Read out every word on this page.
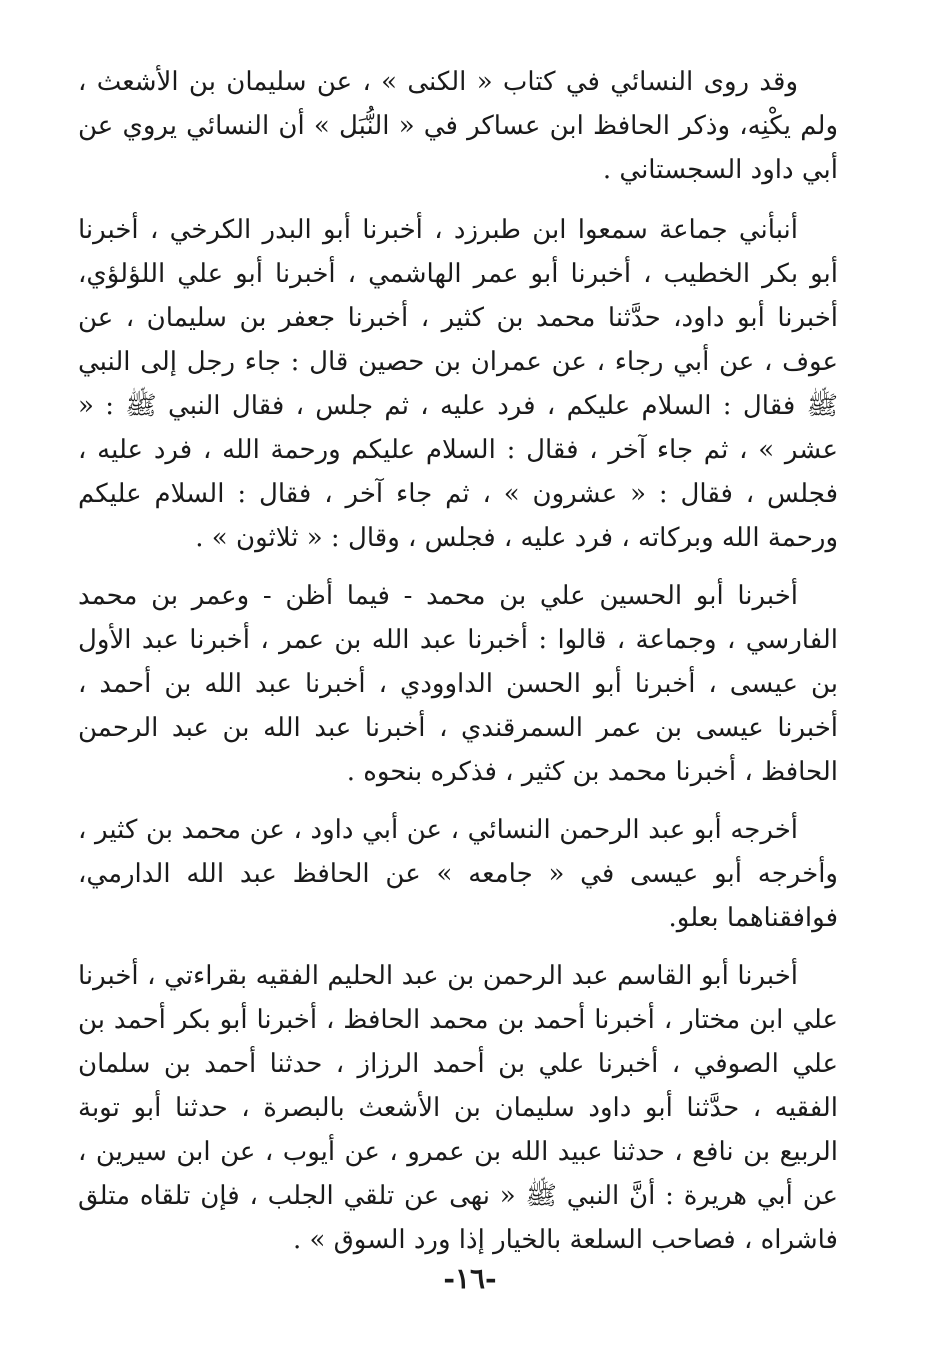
وقد روى النسائي في كتاب « الكنى » ، عن سليمان بن الأشعث ، ولم يكْنِه، وذكر الحافظ ابن عساكر في « النُّبَل » أن النسائي يروي عن أبي داود السجستاني .

أنبأني جماعة سمعوا ابن طبرزد ، أخبرنا أبو البدر الكرخي ، أخبرنا أبو بكر الخطيب ، أخبرنا أبو عمر الهاشمي ، أخبرنا أبو علي اللؤلؤي، أخبرنا أبو داود، حدَّثنا محمد بن كثير ، أخبرنا جعفر بن سليمان ، عن عوف ، عن أبي رجاء ، عن عمران بن حصين قال : جاء رجل إلى النبي ﷺ فقال : السلام عليكم ، فرد عليه ، ثم جلس ، فقال النبي ﷺ : « عشر » ، ثم جاء آخر ، فقال : السلام عليكم ورحمة الله ، فرد عليه ، فجلس ، فقال : « عشرون » ، ثم جاء آخر ، فقال : السلام عليكم ورحمة الله وبركاته ، فرد عليه ، فجلس ، وقال : « ثلاثون » .

أخبرنا أبو الحسين علي بن محمد - فيما أظن - وعمر بن محمد الفارسي ، وجماعة ، قالوا : أخبرنا عبد الله بن عمر ، أخبرنا عبد الأول بن عيسى ، أخبرنا أبو الحسن الداوودي ، أخبرنا عبد الله بن أحمد ، أخبرنا عيسى بن عمر السمرقندي ، أخبرنا عبد الله بن عبد الرحمن الحافظ ، أخبرنا محمد بن كثير ، فذكره بنحوه .

أخرجه أبو عبد الرحمن النسائي ، عن أبي داود ، عن محمد بن كثير ، وأخرجه أبو عيسى في « جامعه » عن الحافظ عبد الله الدارمي، فوافقناهما بعلو.

أخبرنا أبو القاسم عبد الرحمن بن عبد الحليم الفقيه بقراءتي ، أخبرنا علي ابن مختار ، أخبرنا أحمد بن محمد الحافظ ، أخبرنا أبو بكر أحمد بن علي الصوفي ، أخبرنا علي بن أحمد الرزاز ، حدثنا أحمد بن سلمان الفقيه ، حدَّثنا أبو داود سليمان بن الأشعث بالبصرة ، حدثنا أبو توبة الربيع بن نافع ، حدثنا عبيد الله بن عمرو ، عن أيوب ، عن ابن سيرين ، عن أبي هريرة : أنَّ النبي ﷺ « نهى عن تلقي الجلب ، فإن تلقاه متلق فاشراه ، فصاحب السلعة بالخيار إذا ورد السوق » .

-١٦-
